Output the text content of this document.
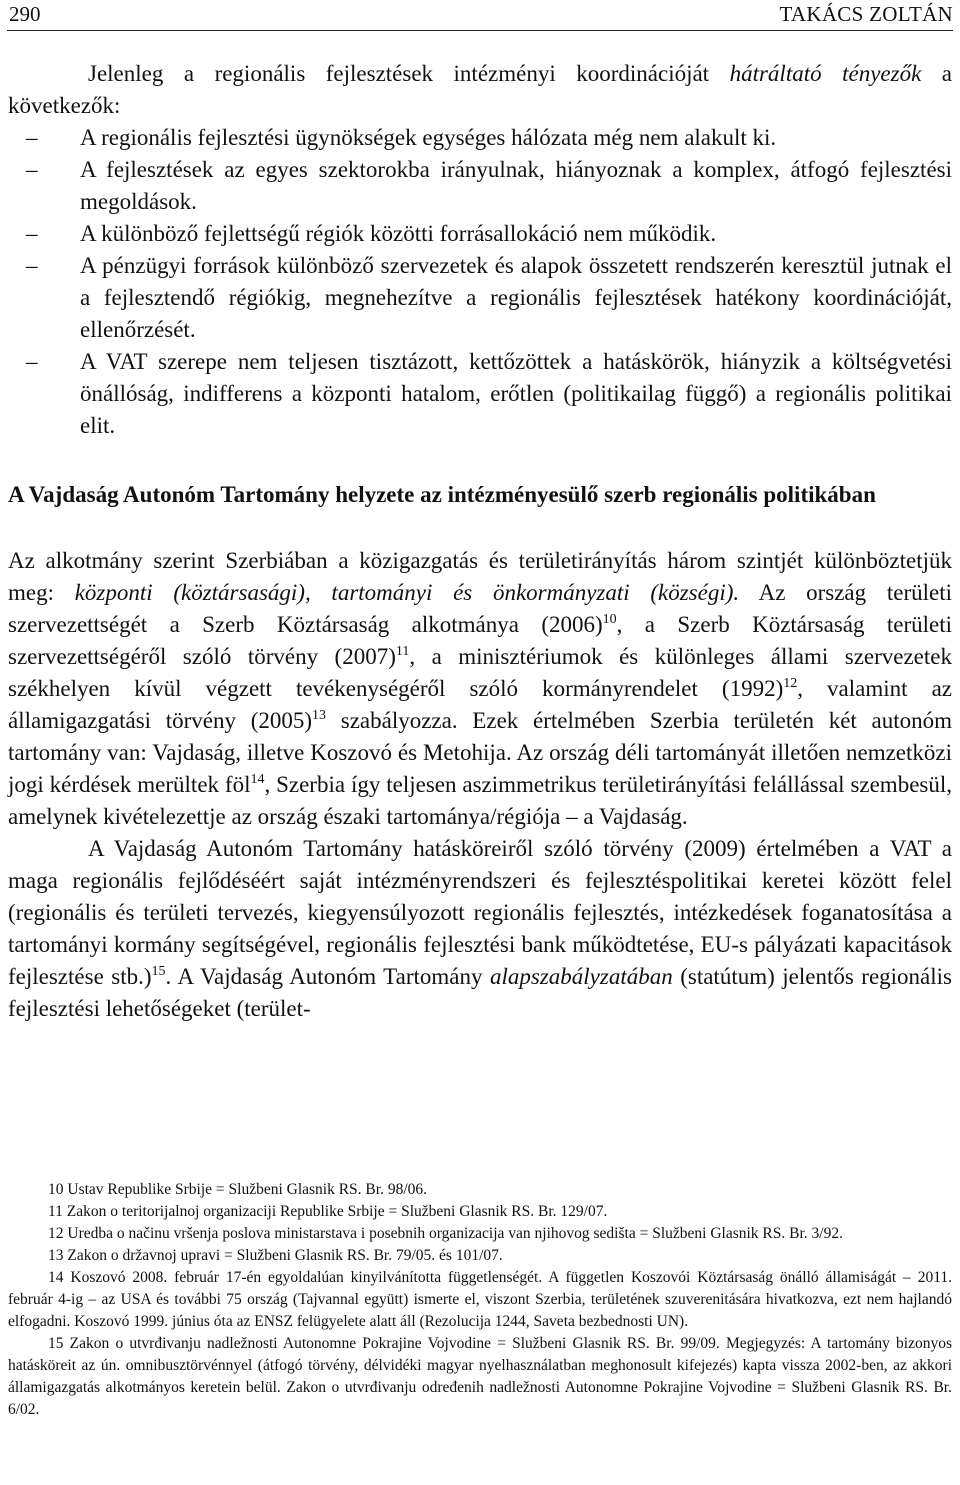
290	TAKÁCS ZOLTÁN

Jelenleg a regionális fejlesztések intézményi koordinációját hátráltató tényezők a következők:

–	A regionális fejlesztési ügynökségek egységes hálózata még nem alakult ki.
–	A fejlesztések az egyes szektorokba irányulnak, hiányoznak a komplex, átfogó fejlesztési megoldások.
–	A különböző fejlettségű régiók közötti forrásallokáció nem működik.
–	A pénzügyi források különböző szervezetek és alapok összetett rendszerén keresztül jutnak el a fejlesztendő régiókig, megnehezítve a regionális fejlesztések hatékony koordinációját, ellenőrzését.
–	A VAT szerepe nem teljesen tisztázott, kettőzöttek a hatáskörök, hiányzik a költségvetési önállóság, indifferens a központi hatalom, erőtlen (politikailag függő) a regionális politikai elit.
A Vajdaság Autonóm Tartomány helyzete az intézményesülő szerb regionális politikában

Az alkotmány szerint Szerbiában a közigazgatás és területirányítás három szintjét különböztetjük meg: központi (köztársasági), tartományi és önkormányzati (községi). Az ország területi szervezettségét a Szerb Köztársaság alkotmánya $(2006)^{10}$, a Szerb Köztársaság területi szervezettségéről szóló törvény $(2007)^{11}$, a minisztériumok és különleges állami szervezetek székhelyen kívül végzett tevékenységéről szóló kormányrendelet $(1992)^{12}$, valamint az államigazgatási törvény $(2005)^{13}$ szabályozza. Ezek értelmében Szerbia területén két autonóm tartomány van: Vajdaság, illetve Koszovó és Metohija. Az ország déli tartományát illetően nemzetközi jogi kérdések merültek föl$^{14}$, Szerbia így teljesen aszimmetrikus területirányítási felállással szembesül, amelynek kivételezettje az ország északi tartománya/régiója – a Vajdaság.

A Vajdaság Autonóm Tartomány hatásköreiről szóló törvény (2009) értelmében a VAT a maga regionális fejlődéséért saját intézményrendszeri és fejlesztéspolitikai keretei között felel (regionális és területi tervezés, kiegyensúlyozott regionális fejlesztés, intézkedések foganatosítása a tartományi kormány segítségével, regionális fejlesztési bank működtetése, EU-s pályázati kapacitások fejlesztése stb.)$^{15}$. A Vajdaság Autonóm Tartomány alapszabályzatában (statútum) jelentős regionális fejlesztési lehetőségeket (terület-

10 Ustav Republike Srbije = Službeni Glasnik RS. Br. 98/06.

11 Zakon o teritorijalnoj organizaciji Republike Srbije = Službeni Glasnik RS. Br. 129/07.

12 Uredba o načinu vršenja poslova ministarstava i posebnih organizacija van njihovog sedišta = Službeni Glasnik RS. Br. 3/92.

13 Zakon o državnoj upravi = Službeni Glasnik RS. Br. 79/05. és 101/07.

14 Koszovó 2008. február 17-én egyoldalúan kinyilvánította függetlenségét. A független Koszovói Köztársaság önálló államiságát – 2011. február 4-ig – az USA és további 75 ország (Tajvannal együtt) ismerte el, viszont Szerbia, területének szuverenitására hivatkozva, ezt nem hajlandó elfogadni. Koszovó 1999. június óta az ENSZ felügyelete alatt áll (Rezolucija 1244, Saveta bezbednosti UN).

15 Zakon o utvrđivanju nadležnosti Autonomne Pokrajine Vojvodine = Službeni Glasnik RS. Br. 99/09. Megjegyzés: A tartomány bizonyos hatásköreit az ún. omnibusztörvénnyel (átfogó törvény, délvidéki magyar nyelhasználatban meghonosult kifejezés) kapta vissza 2002-ben, az akkori államigazgatás alkotmányos keretein belül. Zakon o utvrđivanju određenih nadležnosti Autonomne Pokrajine Vojvodine = Službeni Glasnik RS. Br. 6/02.
